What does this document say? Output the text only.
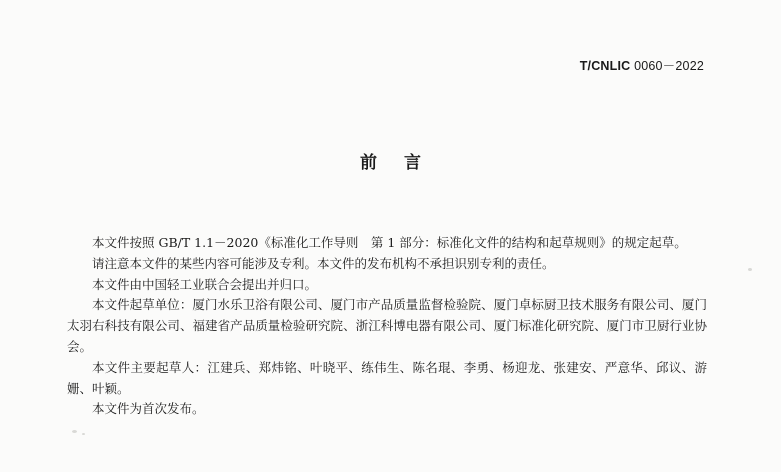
T/CNLIC 0060－2022
前言

本文件按照 GB/T 1.1－2020《标准化工作导则　第 1 部分：标准化文件的结构和起草规则》的规定起草。

请注意本文件的某些内容可能涉及专利。本文件的发布机构不承担识别专利的责任。

本文件由中国轻工业联合会提出并归口。

本文件起草单位：厦门水乐卫浴有限公司、厦门市产品质量监督检验院、厦门卓标厨卫技术服务有限公司、厦门太羽右科技有限公司、福建省产品质量检验研究院、浙江科博电器有限公司、厦门标准化研究院、厦门市卫厨行业协会。

本文件主要起草人：江建兵、郑炜铭、叶晓平、练伟生、陈名琨、李勇、杨迎龙、张建安、严意华、邱议、游姗、叶颖。

本文件为首次发布。
